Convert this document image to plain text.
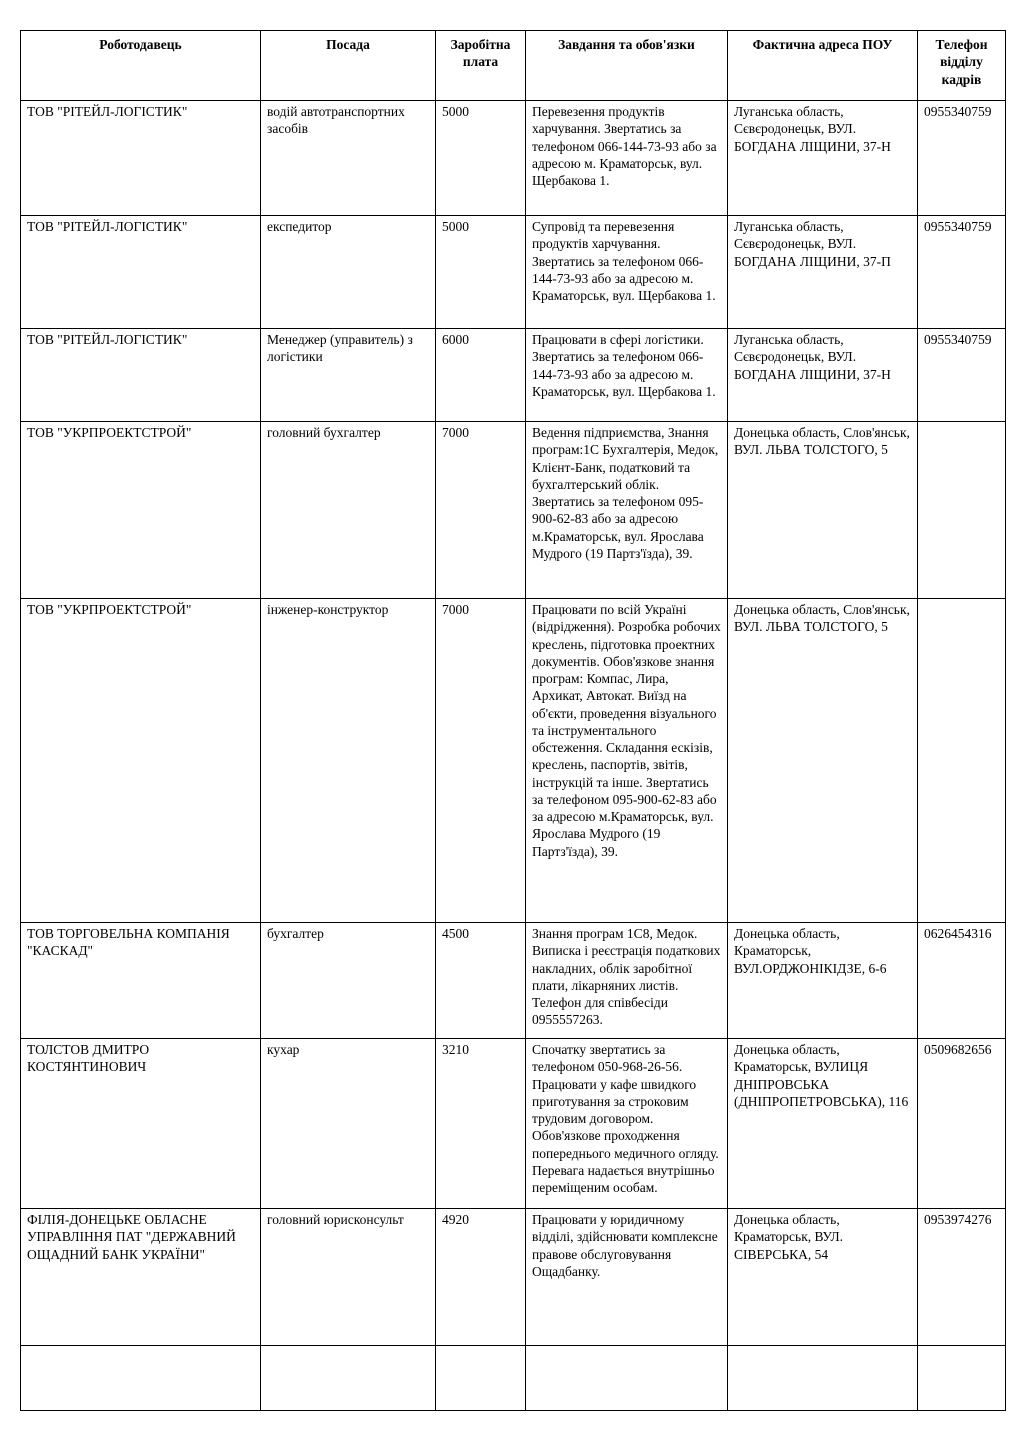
Роботодавець	Посада	Заробітна плата	Завдання та обов'язки	Фактична адреса ПОУ	Телефон відділу кадрів
ТОВ "РІТЕЙЛ-ЛОГІСТИК"	водій автотранспортних засобів	5000	Перевезення продуктів харчування. Звертатись за телефоном 066-144-73-93 або за адресою м. Краматорськ, вул. Щербакова 1.	Луганська область, Сєвєродонецьк, ВУЛ. БОГДАНА ЛІЩИНИ, 37-Н	0955340759
ТОВ "РІТЕЙЛ-ЛОГІСТИК"	експедитор	5000	Супровід та перевезення продуктів харчування. Звертатись за телефоном 066-144-73-93 або за адресою м. Краматорськ, вул. Щербакова 1.	Луганська область, Сєвєродонецьк, ВУЛ. БОГДАНА ЛІЩИНИ, 37-П	0955340759
ТОВ "РІТЕЙЛ-ЛОГІСТИК"	Менеджер (управитель) з логістики	6000	Працювати в сфері логістики. Звертатись за телефоном 066-144-73-93 або за адресою м. Краматорськ, вул. Щербакова 1.	Луганська область, Сєвєродонецьк, ВУЛ. БОГДАНА ЛІЩИНИ, 37-Н	0955340759
ТОВ "УКРПРОЕКТСТРОЙ"	головний бухгалтер	7000	Ведення підприємства, Знання програм:1С Бухгалтерія, Медок, Клієнт-Банк, податковий та бухгалтерський облік. Звертатись за телефоном 095-900-62-83 або за адресою м.Краматорськ, вул. Ярослава Мудрого (19 Партз'їзда), 39.	Донецька область, Слов'янськ, ВУЛ. ЛЬВА ТОЛСТОГО, 5	
ТОВ "УКРПРОЕКТСТРОЙ"	інженер-конструктор	7000	Працювати по всій Україні (відрідження). Розробка робочих креслень, підготовка проектних документів. Обов'язкове знання програм: Компас, Лира, Архикат, Автокат. Виїзд на об'єкти, проведення візуального та інструментального обстеження. Складання ескізів, креслень, паспортів, звітів, інструкцій та інше. Звертатись за телефоном 095-900-62-83 або за адресою м.Краматорськ, вул. Ярослава Мудрого (19 Партз'їзда), 39.	Донецька область, Слов'янськ, ВУЛ. ЛЬВА ТОЛСТОГО, 5	
ТОВ ТОРГОВЕЛЬНА КОМПАНІЯ "КАСКАД"	бухгалтер	4500	Знання програм 1С8, Медок. Виписка і реєстрація податкових накладних, облік заробітної плати, лікарняних листів. Телефон для співбесіди 0955557263.	Донецька область, Краматорськ, ВУЛ.ОРДЖОНІКІДЗЕ, 6-6	0626454316
ТОЛСТОВ ДМИТРО КОСТЯНТИНОВИЧ	кухар	3210	Спочатку звертатись за телефоном 050-968-26-56. Працювати у кафе швидкого приготування за строковим трудовим договором. Обов'язкове проходження попереднього медичного огляду. Перевага надається внутрішньо переміщеним особам.	Донецька область, Краматорськ, ВУЛИЦЯ ДНІПРОВСЬКА (ДНІПРОПЕТРОВСЬКА), 116	0509682656
ФІЛІЯ-ДОНЕЦЬКЕ ОБЛАСНЕ УПРАВЛІННЯ ПАТ "ДЕРЖАВНИЙ ОЩАДНИЙ БАНК УКРАЇНИ"	головний юрисконсульт	4920	Працювати у юридичному відділі, здійснювати комплексне правове обслуговування Ощадбанку.	Донецька область, Краматорськ, ВУЛ. СІВЕРСЬКА, 54	0953974276
